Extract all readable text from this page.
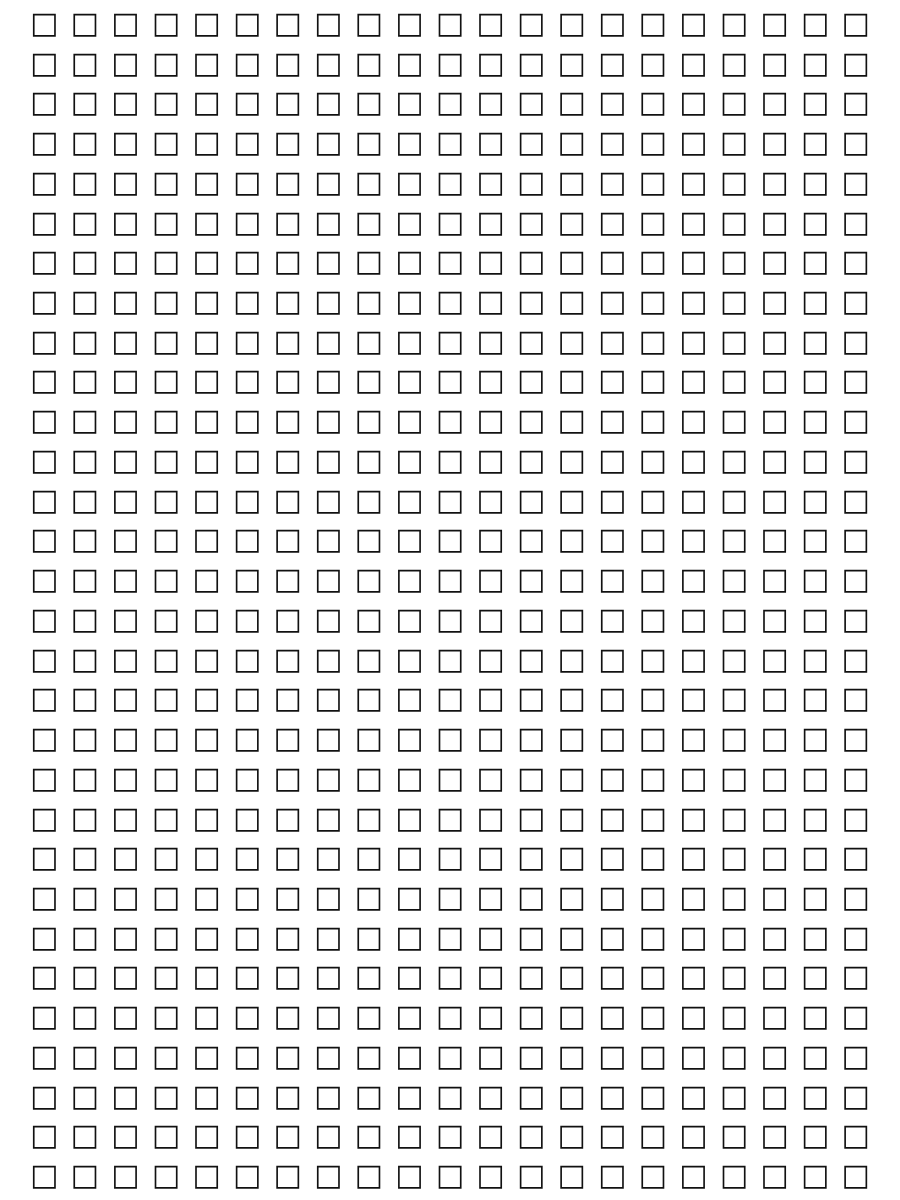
□ □ □ □ □ □ □ □ □ □ □ □ □ □ □ □ □ □ □ □ □
□ □ □ □ □ □ □ □ □ □ □ □ □ □ □ □ □ □ □ □ □
□ □ □ □ □ □ □ □ □ □ □ □ □ □ □ □ □ □ □ □ □
□ □ □ □ □ □ □ □ □ □ □ □ □ □ □ □ □ □ □ □ □
□ □ □ □ □ □ □ □ □ □ □ □ □ □ □ □ □ □ □ □ □
□ □ □ □ □ □ □ □ □ □ □ □ □ □ □ □ □ □ □ □ □
□ □ □ □ □ □ □ □ □ □ □ □ □ □ □ □ □ □ □ □ □
□ □ □ □ □ □ □ □ □ □ □ □ □ □ □ □ □ □ □ □ □
□ □ □ □ □ □ □ □ □ □ □ □ □ □ □ □ □ □ □ □ □
□ □ □ □ □ □ □ □ □ □ □ □ □ □ □ □ □ □ □ □ □
□ □ □ □ □ □ □ □ □ □ □ □ □ □ □ □ □ □ □ □ □
□ □ □ □ □ □ □ □ □ □ □ □ □ □ □ □ □ □ □ □ □
□ □ □ □ □ □ □ □ □ □ □ □ □ □ □ □ □ □ □ □ □
□ □ □ □ □ □ □ □ □ □ □ □ □ □ □ □ □ □ □ □ □
□ □ □ □ □ □ □ □ □ □ □ □ □ □ □ □ □ □ □ □ □
□ □ □ □ □ □ □ □ □ □ □ □ □ □ □ □ □ □ □ □ □
□ □ □ □ □ □ □ □ □ □ □ □ □ □ □ □ □ □ □ □ □
□ □ □ □ □ □ □ □ □ □ □ □ □ □ □ □ □ □ □ □ □
□ □ □ □ □ □ □ □ □ □ □ □ □ □ □ □ □ □ □ □ □
□ □ □ □ □ □ □ □ □ □ □ □ □ □ □ □ □ □ □ □ □
□ □ □ □ □ □ □ □ □ □ □ □ □ □ □ □ □ □ □ □ □
□ □ □ □ □ □ □ □ □ □ □ □ □ □ □ □ □ □ □ □ □
□ □ □ □ □ □ □ □ □ □ □ □ □ □ □ □ □ □ □ □ □
□ □ □ □ □ □ □ □ □ □ □ □ □ □ □ □ □ □ □ □ □
□ □ □ □ □ □ □ □ □ □ □ □ □ □ □ □ □ □ □ □ □
□ □ □ □ □ □ □ □ □ □ □ □ □ □ □ □ □ □ □ □ □
□ □ □ □ □ □ □ □ □ □ □ □ □ □ □ □ □ □ □ □ □
□ □ □ □ □ □ □ □ □ □ □ □ □ □ □ □ □ □ □ □ □
□ □ □ □ □ □ □ □ □ □ □ □ □ □ □ □ □ □ □ □ □
□ □ □ □ □ □ □ □ □ □ □ □ □ □ □ □ □ □ □ □ □
